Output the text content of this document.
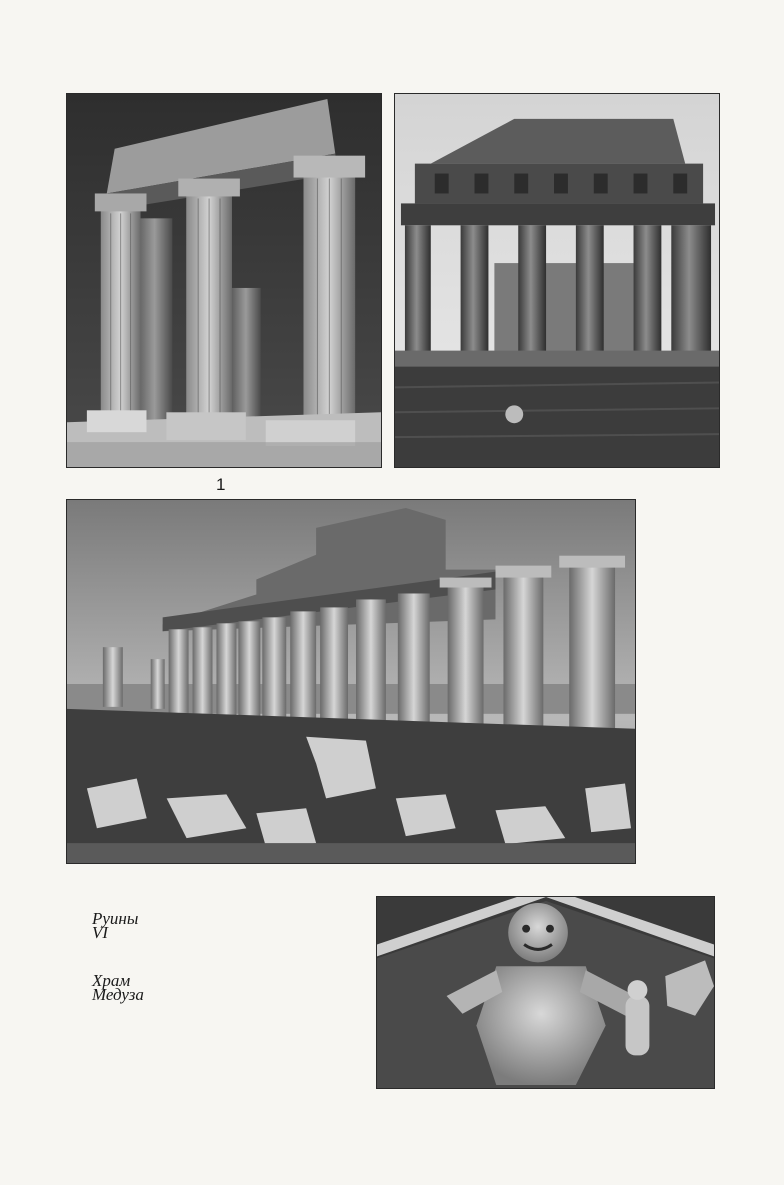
1
Руины
VI
Храм
Медуза
